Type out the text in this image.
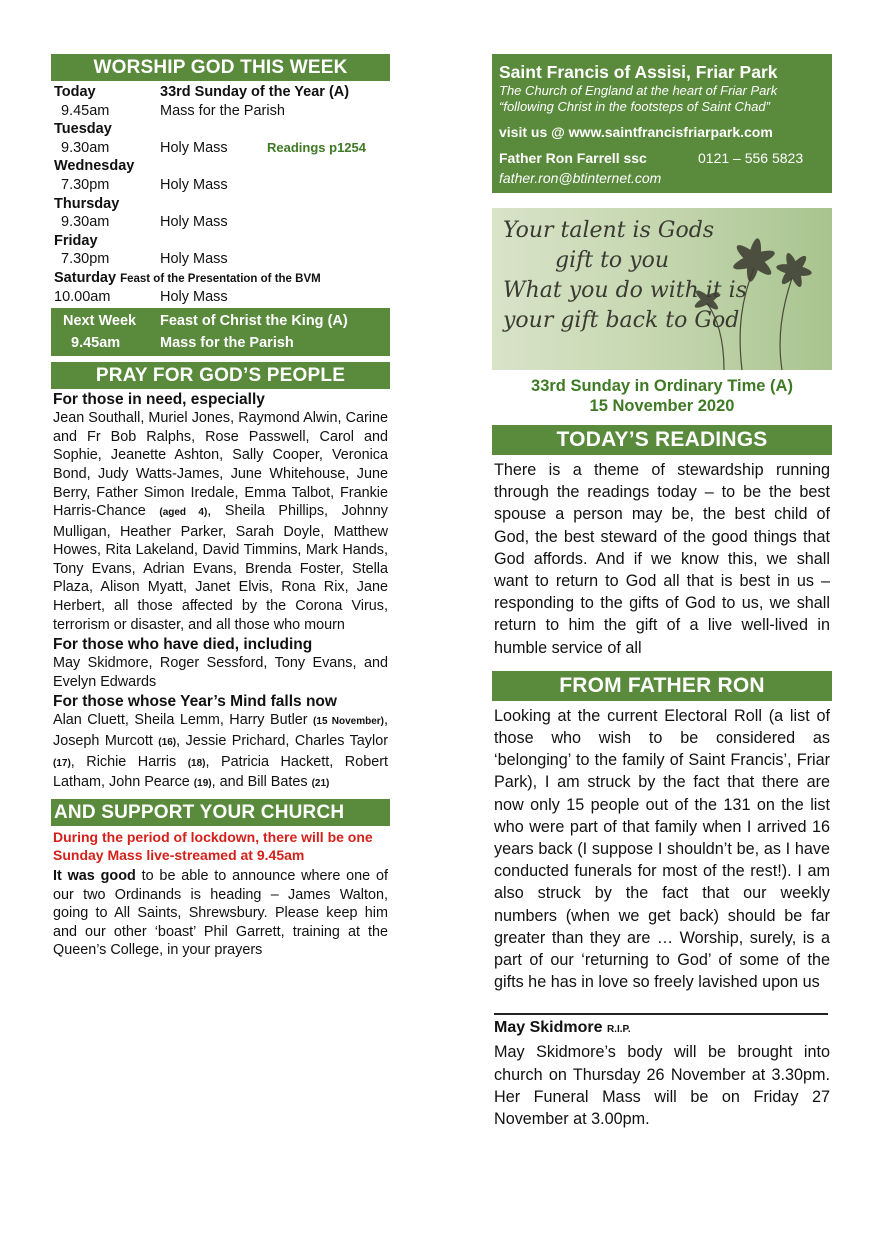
WORSHIP GOD THIS WEEK
Today	33rd Sunday of the Year (A)
9.45am	Mass for the Parish
Tuesday
9.30am	Holy Mass	Readings p1254
Wednesday
7.30pm	Holy Mass
Thursday
9.30am	Holy Mass
Friday
7.30pm	Holy Mass
Saturday Feast of the Presentation of the BVM
10.00am	Holy Mass
Next Week Feast of Christ the King (A)
9.45am	Mass for the Parish
PRAY FOR GOD’S PEOPLE
For those in need, especially
Jean Southall, Muriel Jones, Raymond Alwin, Carine and Fr Bob Ralphs, Rose Passwell, Carol and Sophie, Jeanette Ashton, Sally Cooper, Veronica Bond, Judy Watts-James, June Whitehouse, June Berry, Father Simon Iredale, Emma Talbot, Frankie Harris-Chance (aged 4), Sheila Phillips, Johnny Mulligan, Heather Parker, Sarah Doyle, Matthew Howes, Rita Lakeland, David Timmins, Mark Hands, Tony Evans, Adrian Evans, Brenda Foster, Stella Plaza, Alison Myatt, Janet Elvis, Rona Rix, Jane Herbert, all those affected by the Corona Virus, terrorism or disaster, and all those who mourn
For those who have died, including
May Skidmore, Roger Sessford, Tony Evans, and Evelyn Edwards
For those whose Year’s Mind falls now
Alan Cluett, Sheila Lemm, Harry Butler (15 November), Joseph Murcott (16), Jessie Prichard, Charles Taylor (17), Richie Harris (18), Patricia Hackett, Robert Latham, John Pearce (19), and Bill Bates (21)
AND SUPPORT YOUR CHURCH
During the period of lockdown, there will be one Sunday Mass live-streamed at 9.45am
It was good to be able to announce where one of our two Ordinands is heading – James Walton, going to All Saints, Shrewsbury. Please keep him and our other ‘boast’ Phil Garrett, training at the Queen’s College, in your prayers
Saint Francis of Assisi, Friar Park
The Church of England at the heart of Friar Park
“following Christ in the footsteps of Saint Chad”
visit us @ www.saintfrancisfriarpark.com
Father Ron Farrell ssc	0121 – 556 5823
father.ron@btinternet.com
Your talent is Gods
gift to you
What you do with it is
your gift back to God
33rd Sunday in Ordinary Time (A)
15 November 2020
TODAY’S READINGS
There is a theme of stewardship running through the readings today – to be the best spouse a person may be, the best child of God, the best steward of the good things that God affords. And if we know this, we shall want to return to God all that is best in us – responding to the gifts of God to us, we shall return to him the gift of a live well-lived in humble service of all
FROM FATHER RON
Looking at the current Electoral Roll (a list of those who wish to be considered as ‘belonging’ to the family of Saint Francis’, Friar Park), I am struck by the fact that there are now only 15 people out of the 131 on the list who were part of that family when I arrived 16 years back (I suppose I shouldn’t be, as I have conducted funerals for most of the rest!). I am also struck by the fact that our weekly numbers (when we get back) should be far greater than they are … Worship, surely, is a part of our ‘returning to God’ of some of the gifts he has in love so freely lavished upon us
May Skidmore R.I.P.
May Skidmore’s body will be brought into church on Thursday 26 November at 3.30pm. Her Funeral Mass will be on Friday 27 November at 3.00pm.
